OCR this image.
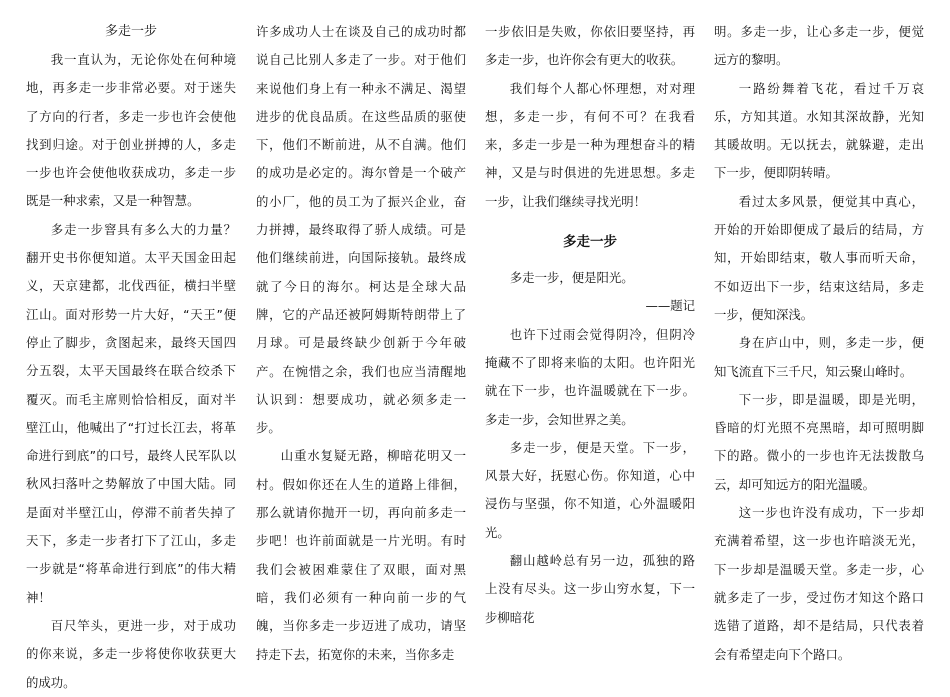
多走一步

我一直认为，无论你处在何种境地，再多走一步非常必要。对于迷失了方向的行者，多走一步也许会使他找到归途。对于创业拼搏的人，多走一步也许会使他收获成功，多走一步既是一种求索，又是一种智慧。

多走一步窨具有多么大的力量？翻开史书你便知道。太平天国金田起义，天京建都，北伐西征，横扫半壁江山。面对形势一片大好，“天王”便停止了脚步，贪图起来，最终天国四分五裂，太平天国最终在联合绞杀下覆灭。而毛主席则恰恰相反，面对半壁江山，他喊出了“打过长江去，将革命进行到底”的口号，最终人民军队以秋风扫落叶之势解放了中国大陆。同是面对半壁江山，停滞不前者失掉了天下，多走一步者打下了江山，多走一步就是“将革命进行到底”的伟大精神！

百尺竿头，更进一步，对于成功的你来说，多走一步将使你收获更大的成功。

许多成功人士在谈及自己的成功时都说自己比别人多走了一步。对于他们来说他们身上有一种永不满足、渴望进步的优良品质。在这些品质的驱使下，他们不断前进，从不自满。他们的成功是必定的。海尔曾是一个破产的小厂，他的员工为了振兴企业，奋力拼搏，最终取得了骄人成绩。可是他们继续前进，向国际接轨。最终成就了今日的海尔。柯达是全球大品牌，它的产品还被阿姆斯特朗带上了月球。可是最终缺少创新于今年破产。在惋惜之余，我们也应当清醒地认识到：想要成功，就必须多走一步。

山重水复疑无路，柳暗花明又一村。假如你还在人生的道路上徘徊，那么就请你抛开一切，再向前多走一步吧！也许前面就是一片光明。有时我们会被困难蒙住了双眼，面对黑暗，我们必须有一种向前一步的气魄，当你多走一步迈进了成功，请坚持走下去，拓宽你的未来，当你多走

一步依旧是失败，你依旧要坚持，再多走一步，也许你会有更大的收获。

我们每个人都心怀理想，对对理想，多走一步，有何不可？在我看来，多走一步是一种为理想奋斗的精神，又是与时俱进的先进思想。多走一步，让我们继续寻找光明！

多走一步

多走一步，便是阳光。

——题记

也许下过雨会觉得阴冷，但阴冷掩藏不了即将来临的太阳。也许阳光就在下一步，也许温暖就在下一步。多走一步，会知世界之美。

多走一步，便是天堂。下一步，风景大好，抚慰心伤。你知道，心中浸伤与坚强，你不知道，心外温暖阳光。

翻山越岭总有另一边，孤独的路上没有尽头。这一步山穷水复，下一步柳暗花

明。多走一步，让心多走一步，便觉远方的黎明。

一路纷舞着飞花，看过千万哀乐，方知其道。水知其深故静，光知其暖故明。无以抚去，就躲避，走出下一步，便即阴转晴。

看过太多风景，便觉其中真心，开始的开始即便成了最后的结局，方知，开始即结束，敬人事而听天命，不如迈出下一步，结束这结局，多走一步，便知深浅。

身在庐山中，则，多走一步，便知飞流直下三千尺，知云聚山峰时。

下一步，即是温暖，即是光明，昏暗的灯光照不亮黑暗，却可照明脚下的路。微小的一步也许无法拨散乌云，却可知远方的阳光温暖。

这一步也许没有成功，下一步却充满着希望，这一步也许暗淡无光，下一步却是温暖天堂。多走一步，心就多走了一步，受过伤才知这个路口选错了道路，却不是结局，只代表着会有希望走向下个路口。
